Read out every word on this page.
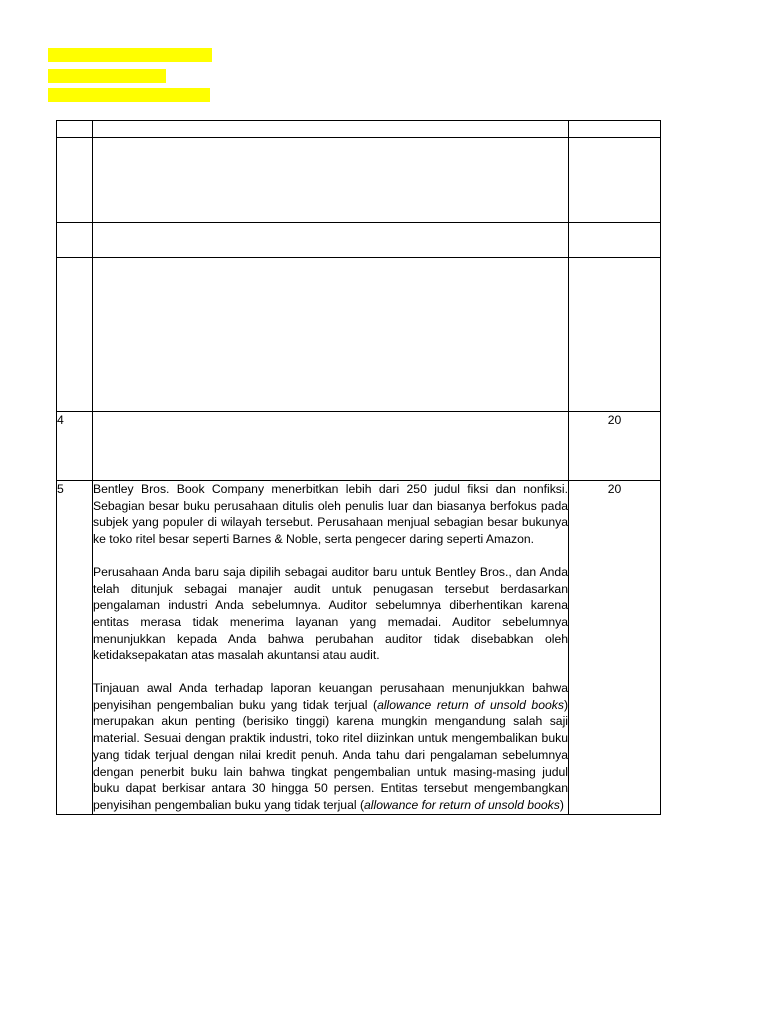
4		20
5	Bentley Bros. Book Company menerbitkan lebih dari 250 judul fiksi dan nonfiksi. Sebagian besar buku perusahaan ditulis oleh penulis luar dan biasanya berfokus pada subjek yang populer di wilayah tersebut. Perusahaan menjual sebagian besar bukunya ke toko ritel besar seperti Barnes & Noble, serta pengecer daring seperti Amazon.

Perusahaan Anda baru saja dipilih sebagai auditor baru untuk Bentley Bros., dan Anda telah ditunjuk sebagai manajer audit untuk penugasan tersebut berdasarkan pengalaman industri Anda sebelumnya. Auditor sebelumnya diberhentikan karena entitas merasa tidak menerima layanan yang memadai. Auditor sebelumnya menunjukkan kepada Anda bahwa perubahan auditor tidak disebabkan oleh ketidaksepakatan atas masalah akuntansi atau audit.

Tinjauan awal Anda terhadap laporan keuangan perusahaan menunjukkan bahwa penyisihan pengembalian buku yang tidak terjual (allowance return of unsold books) merupakan akun penting (berisiko tinggi) karena mungkin mengandung salah saji material. Sesuai dengan praktik industri, toko ritel diizinkan untuk mengembalikan buku yang tidak terjual dengan nilai kredit penuh. Anda tahu dari pengalaman sebelumnya dengan penerbit buku lain bahwa tingkat pengembalian untuk masing-masing judul buku dapat berkisar antara 30 hingga 50 persen. Entitas tersebut mengembangkan penyisihan pengembalian buku yang tidak terjual (allowance for return of unsold books)	20
